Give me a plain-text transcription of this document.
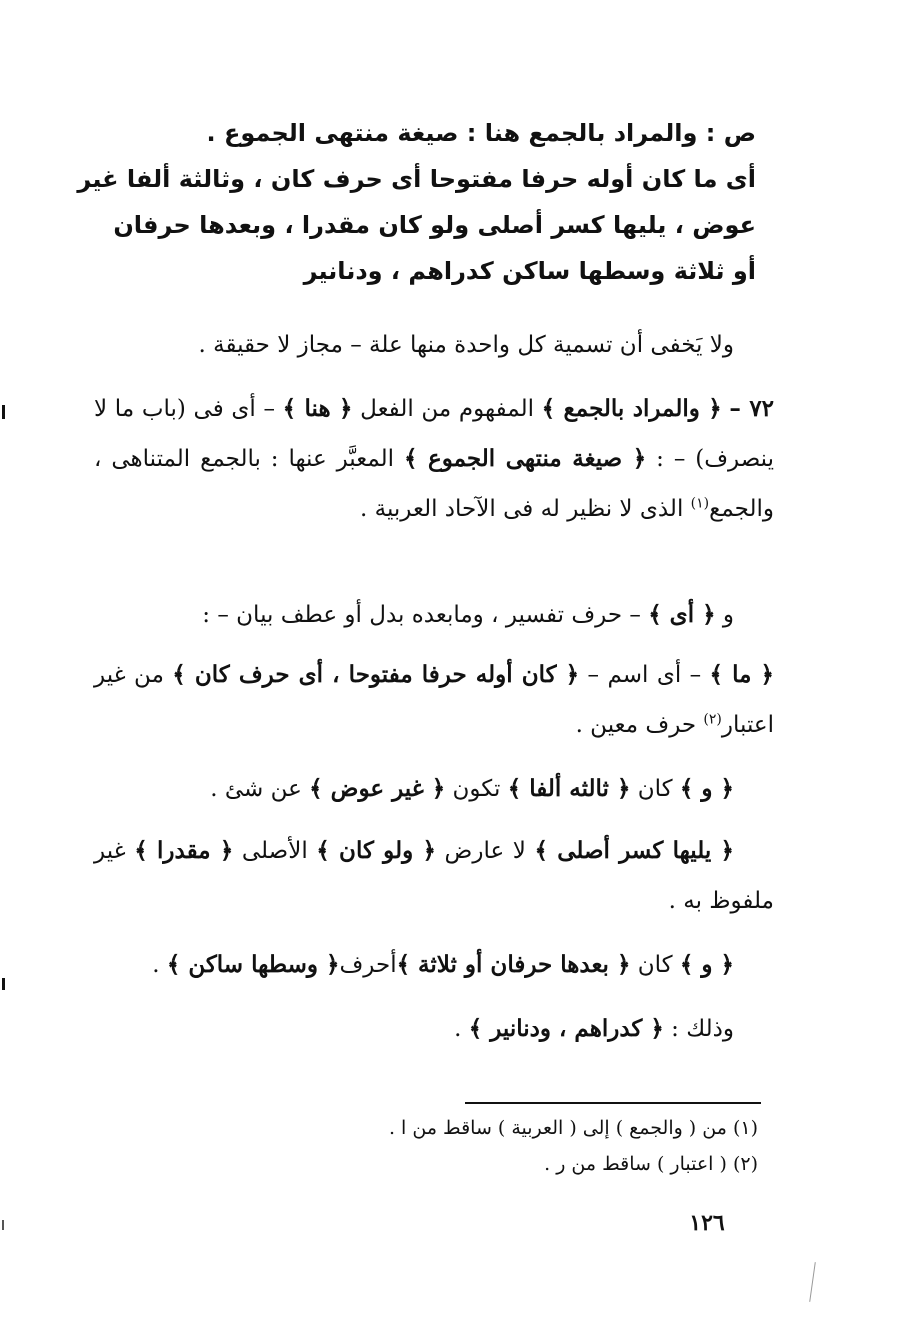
ص : والمراد بالجمع هنا : صيغة منتهى الجموع .
أى ما كان أوله حرفا مفتوحا أى حرف كان ، وثالثة ألفا غير
عوض ، يليها كسر أصلى ولو كان مقدرا ، وبعدها حرفان
أو ثلاثة وسطها ساكن كدراهم ، ودنانير
ولا يَخفى أن تسمية كل واحدة منها علة – مجاز لا حقيقة .
٧٢ – ﴿ والمراد بالجمع ﴾ المفهوم من الفعل ﴿ هنا ﴾ – أى فى (باب ما لا ينصرف) – : ﴿ صيغة منتهى الجموع ﴾ المعبَّر عنها : بالجمع المتناهى ، والجمع$^{(١)}$ الذى لا نظير له فى الآحاد العربية .
و ﴿ أى ﴾ – حرف تفسير ، ومابعده بدل أو عطف بيان – :
﴿ ما ﴾ – أى اسم – ﴿ كان أوله حرفا مفتوحا ، أى حرف كان ﴾ من غير اعتبار$^{(٢)}$ حرف معين .
﴿ و ﴾ كان ﴿ ثالثه ألفا ﴾ تكون ﴿ غير عوض ﴾ عن شئ .
﴿ يليها كسر أصلى ﴾ لا عارض ﴿ ولو كان ﴾ الأصلى ﴿ مقدرا ﴾ غير ملفوظ به .
﴿ و ﴾ كان ﴿ بعدها حرفان أو ثلاثة ﴾أحرف﴿ وسطها ساكن ﴾ .
وذلك : ﴿ كدراهم ، ودنانير ﴾ .
(١) من ( والجمع ) إلى ( العربية ) ساقط من ا .
(٢) ( اعتبار ) ساقط من ر .
١٢٦
